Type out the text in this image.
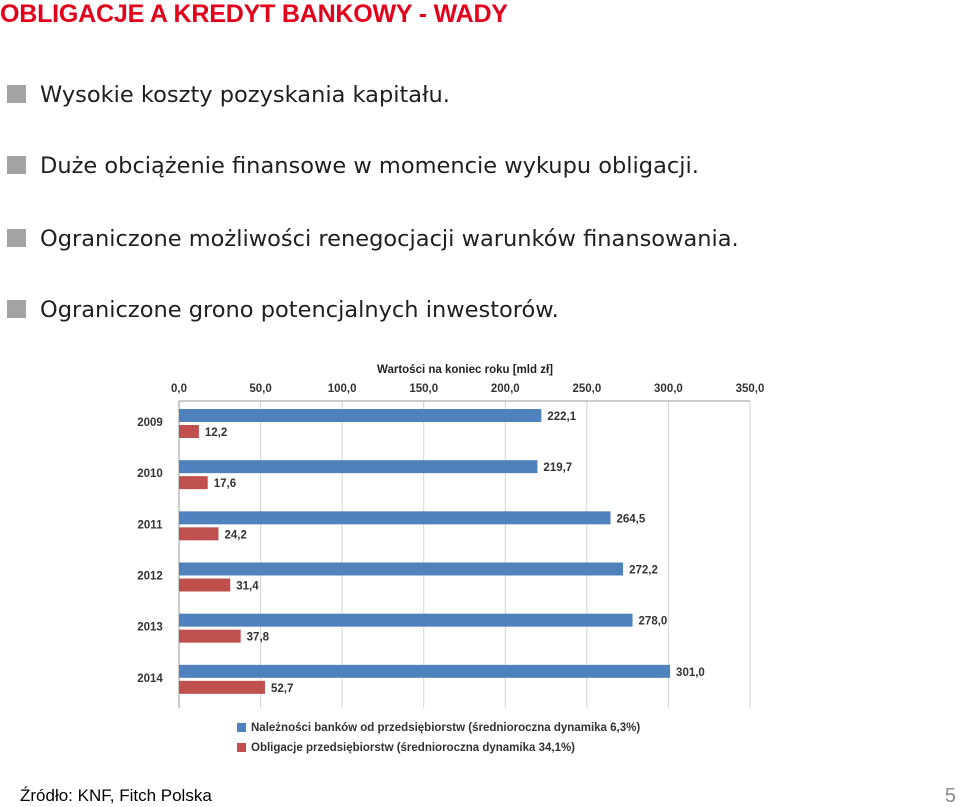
OBLIGACJE A KREDYT BANKOWY - WADY
Wysokie koszty pozyskania kapitału.
Duże obciążenie finansowe w momencie wykupu obligacji.
Ograniczone możliwości renegocjacji warunków finansowania.
Ograniczone grono potencjalnych inwestorów.
Wartości na koniec roku [mld zł]
0,0	50,0	100,0	150,0	200,0	250,0	300,0	350,0
2009	222,1
12,2
2010	219,7
17,6
2011	264,5
24,2
2012	272,2
31,4
2013	278,0
37,8
2014	301,0
52,7
Należności banków od przedsiębiorstw (średnioroczna dynamika 6,3%)
Obligacje przedsiębiorstw (średnioroczna dynamika 34,1%)
Źródło: KNF, Fitch Polska	5
